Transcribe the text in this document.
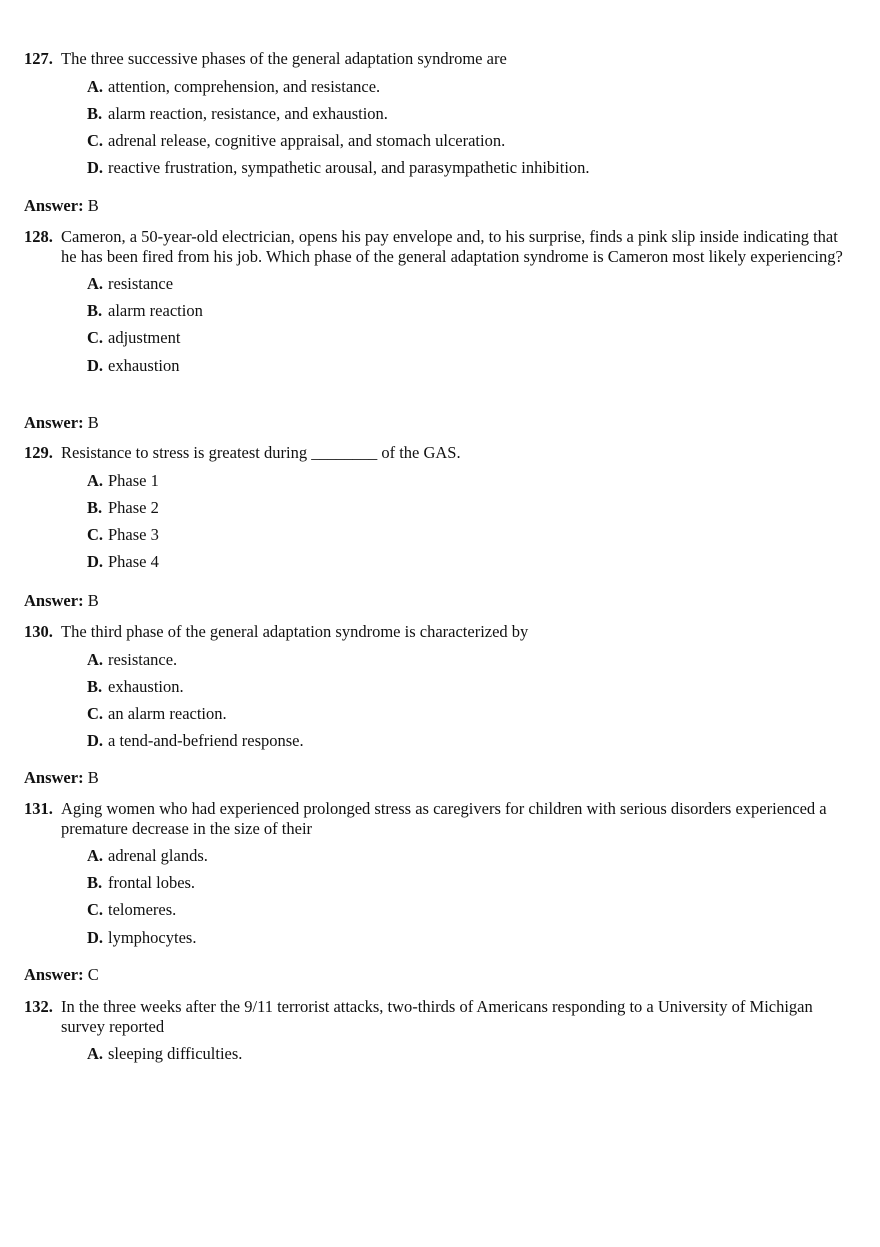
127. The three successive phases of the general adaptation syndrome are
A. attention, comprehension, and resistance.
B. alarm reaction, resistance, and exhaustion.
C. adrenal release, cognitive appraisal, and stomach ulceration.
D. reactive frustration, sympathetic arousal, and parasympathetic inhibition.
Answer: B
128. Cameron, a 50-year-old electrician, opens his pay envelope and, to his surprise, finds a pink slip inside indicating that he has been fired from his job. Which phase of the general adaptation syndrome is Cameron most likely experiencing?
A. resistance
B. alarm reaction
C. adjustment
D. exhaustion
Answer: B
129. Resistance to stress is greatest during ________ of the GAS.
A. Phase 1
B. Phase 2
C. Phase 3
D. Phase 4
Answer: B
130. The third phase of the general adaptation syndrome is characterized by
A. resistance.
B. exhaustion.
C. an alarm reaction.
D. a tend-and-befriend response.
Answer: B
131. Aging women who had experienced prolonged stress as caregivers for children with serious disorders experienced a premature decrease in the size of their
A. adrenal glands.
B. frontal lobes.
C. telomeres.
D. lymphocytes.
Answer: C
132. In the three weeks after the 9/11 terrorist attacks, two-thirds of Americans responding to a University of Michigan survey reported
A. sleeping difficulties.
